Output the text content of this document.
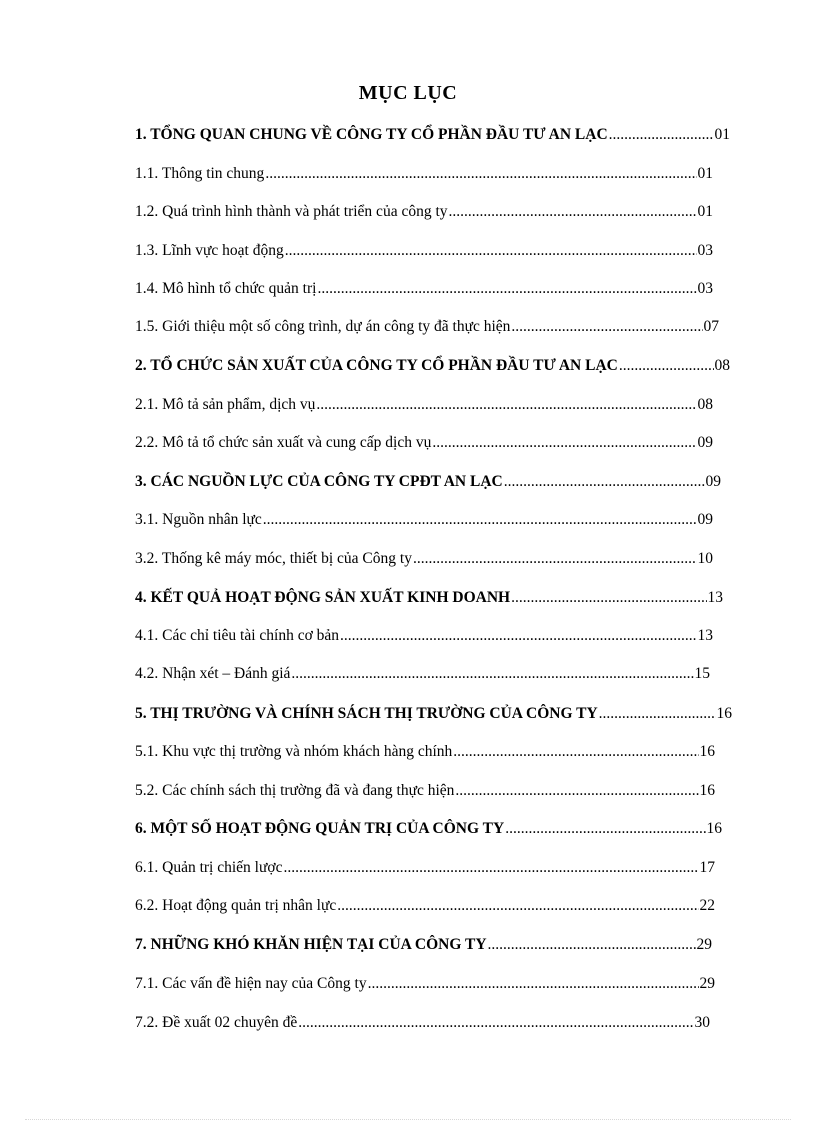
MỤC LỤC
1. TỔNG QUAN CHUNG VỀ CÔNG TY CỔ PHẦN ĐẦU TƯ AN LẠC .....	01
1.1. Thông tin chung .....	01
1.2. Quá trình hình thành và phát triển của công ty .....	01
1.3. Lĩnh vực hoạt động .....	03
1.4. Mô hình tổ chức quản trị .....	03
1.5. Giới thiệu một số công trình, dự án công ty đã thực hiện .....	07
2. TỔ CHỨC SẢN XUẤT CỦA CÔNG TY CỔ PHẦN ĐẦU TƯ AN LẠC .....	08
2.1. Mô tả sản phẩm, dịch vụ .....	08
2.2. Mô tả tổ chức sản xuất và cung cấp dịch vụ .....	09
3. CÁC NGUỒN LỰC CỦA CÔNG TY CPĐT AN LẠC .....	09
3.1. Nguồn nhân lực .....	09
3.2. Thống kê máy móc, thiết bị của Công ty .....	10
4. KẾT QUẢ HOẠT ĐỘNG SẢN XUẤT KINH DOANH .....	13
4.1. Các chỉ tiêu tài chính cơ bản .....	13
4.2. Nhận xét – Đánh giá .....	15
5. THỊ TRƯỜNG VÀ CHÍNH SÁCH THỊ TRƯỜNG CỦA CÔNG TY .....	16
5.1. Khu vực thị trường và nhóm khách hàng chính .....	16
5.2. Các chính sách thị trường đã và đang thực hiện .....	16
6. MỘT SỐ HOẠT ĐỘNG QUẢN TRỊ CỦA CÔNG TY .....	16
6.1. Quản trị chiến lược .....	17
6.2. Hoạt động quản trị nhân lực .....	22
7. NHỮNG KHÓ KHĂN HIỆN TẠI CỦA CÔNG TY .....	29
7.1. Các vấn đề hiện nay của Công ty .....	29
7.2. Đề xuất 02 chuyên đề .....	30
